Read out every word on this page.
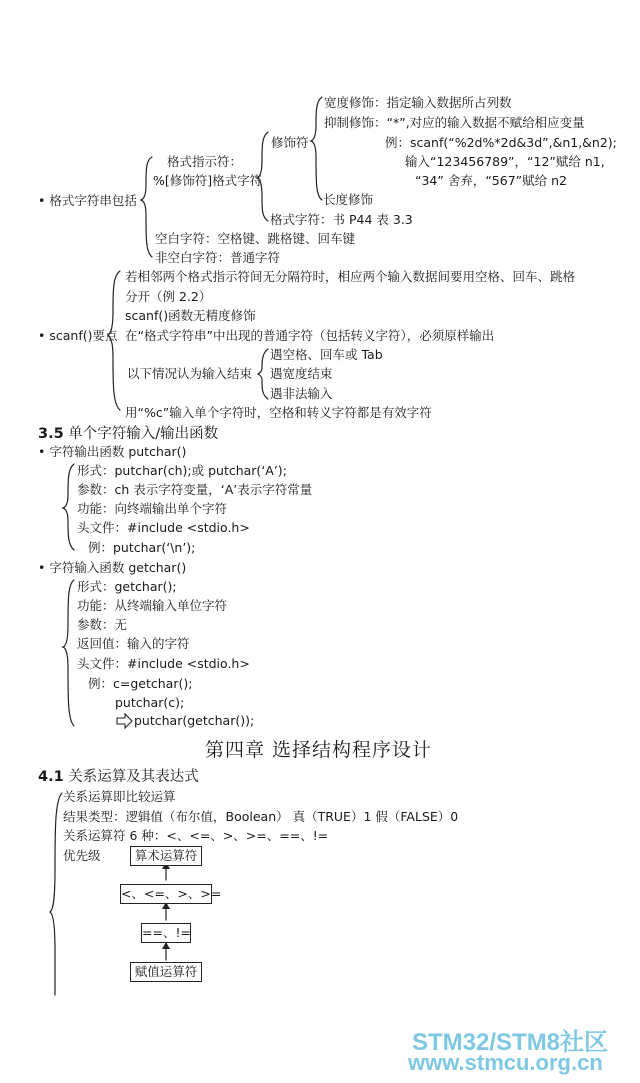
宽度修饰：指定输入数据所占列数
抑制修饰：“*”,对应的输入数据不赋给相应变量
例：scanf(“%2d%*2d&3d”,&n1,&n2);
输入“123456789”，“12”赋给 n1,
格式指示符：
修饰符
“34” 舍弃，“567”赋给 n2
%[修饰符]格式字符
• 格式字符串包括	长度修饰
格式字符：书 P44 表 3.3
空白字符：空格键、跳格键、回车键
非空白字符：普通字符
若相邻两个格式指示符间无分隔符时，相应两个输入数据间要用空格、回车、跳格
分开（例 2.2）
scanf()函数无精度修饰
• scanf()要点 在“格式字符串”中出现的普通字符（包括转义字符），必须原样输出
遇空格、回车或 Tab
以下情况认为输入结束 遇宽度结束
遇非法输入
用“%c”输入单个字符时，空格和转义字符都是有效字符
3.5 单个字符输入/输出函数
• 字符输出函数 putchar()
形式：putchar(ch);或 putchar(‘A’);
参数：ch 表示字符变量，‘A’表示字符常量
功能：向终端输出单个字符
头文件：#include <stdio.h>
例：putchar(‘\n’);
• 字符输入函数 getchar()
形式：getchar();
功能：从终端输入单位字符
参数：无
返回值：输入的字符
头文件：#include <stdio.h>
例：c=getchar();
putchar(c);
putchar(getchar());
第四章 选择结构程序设计
4.1 关系运算及其表达式
关系运算即比较运算
结果类型：逻辑值（布尔值，Boolean） 真（TRUE）1 假（FALSE）0
关系运算符 6 种：<、<=、>、>=、==、!=
优先级	算术运算符
<、<=、>、>=
==、!=
赋值运算符
STM32/STM8社区
www.stmcu.org.cn
